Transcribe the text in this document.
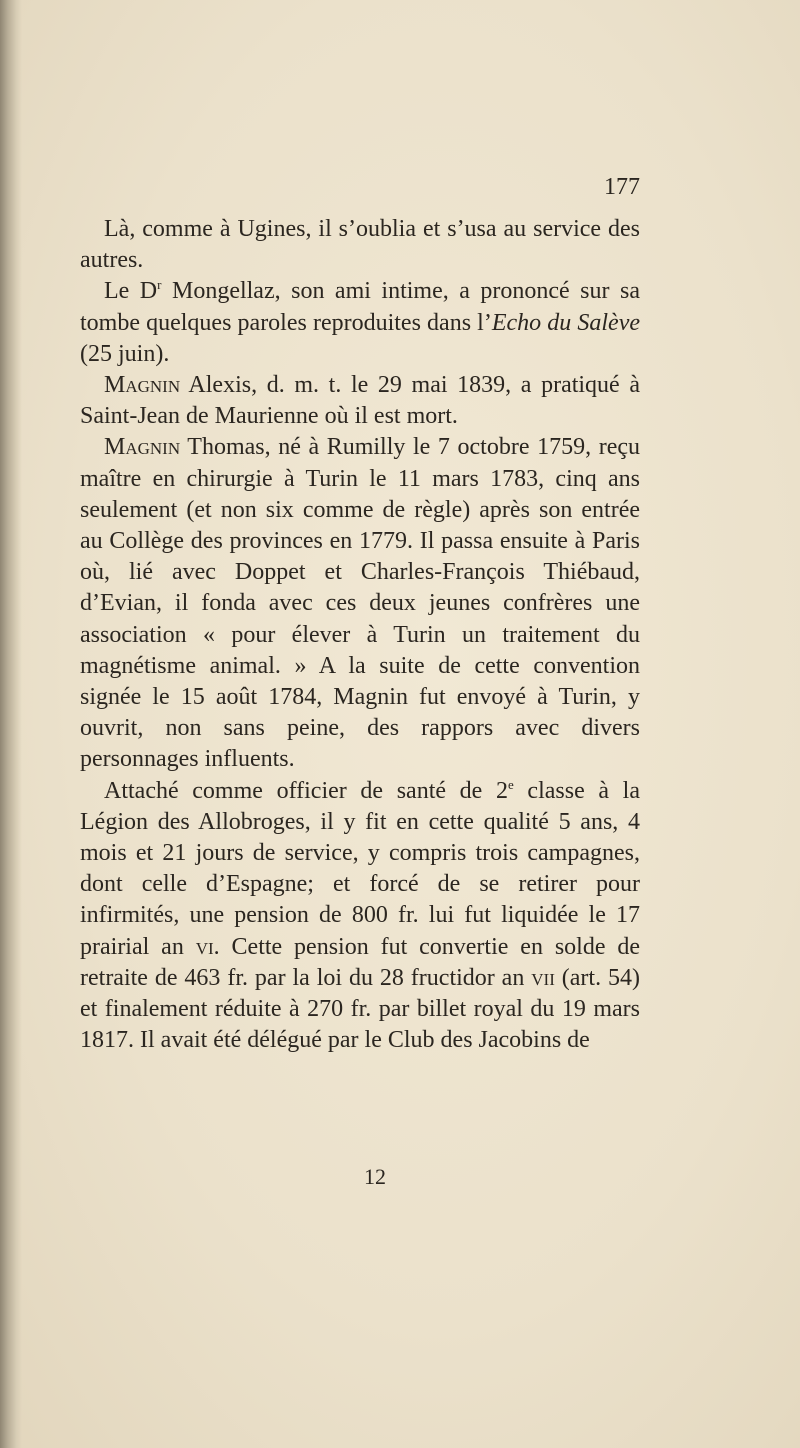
177

Là, comme à Ugines, il s’oublia et s’usa au service des autres.

Le $D^r$ Mongellaz, son ami intime, a prononcé sur sa tombe quelques paroles reproduites dans l’Echo du Salève (25 juin).

Magnin Alexis, d. m. t. le 29 mai 1839, a pratiqué à Saint-Jean de Maurienne où il est mort.

Magnin Thomas, né à Rumilly le 7 octobre 1759, reçu maître en chirurgie à Turin le 11 mars 1783, cinq ans seulement (et non six comme de règle) après son entrée au Collège des provinces en 1779. Il passa ensuite à Paris où, lié avec Doppet et Charles-François Thiébaud, d’Evian, il fonda avec ces deux jeunes confrères une association « pour élever à Turin un traitement du magnétisme animal. » A la suite de cette convention signée le 15 août 1784, Magnin fut envoyé à Turin, y ouvrit, non sans peine, des rappors avec divers personnages influents.

Attaché comme officier de santé de 2e classe à la Légion des Allobroges, il y fit en cette qualité 5 ans, 4 mois et 21 jours de service, y compris trois campagnes, dont celle d’Espagne; et forcé de se retirer pour infirmités, une pension de 800 fr. lui fut liquidée le 17 prairial an vi. Cette pension fut convertie en solde de retraite de 463 fr. par la loi du 28 fructidor an vii (art. 54) et finalement réduite à 270 fr. par billet royal du 19 mars 1817. Il avait été délégué par le Club des Jacobins de

12
